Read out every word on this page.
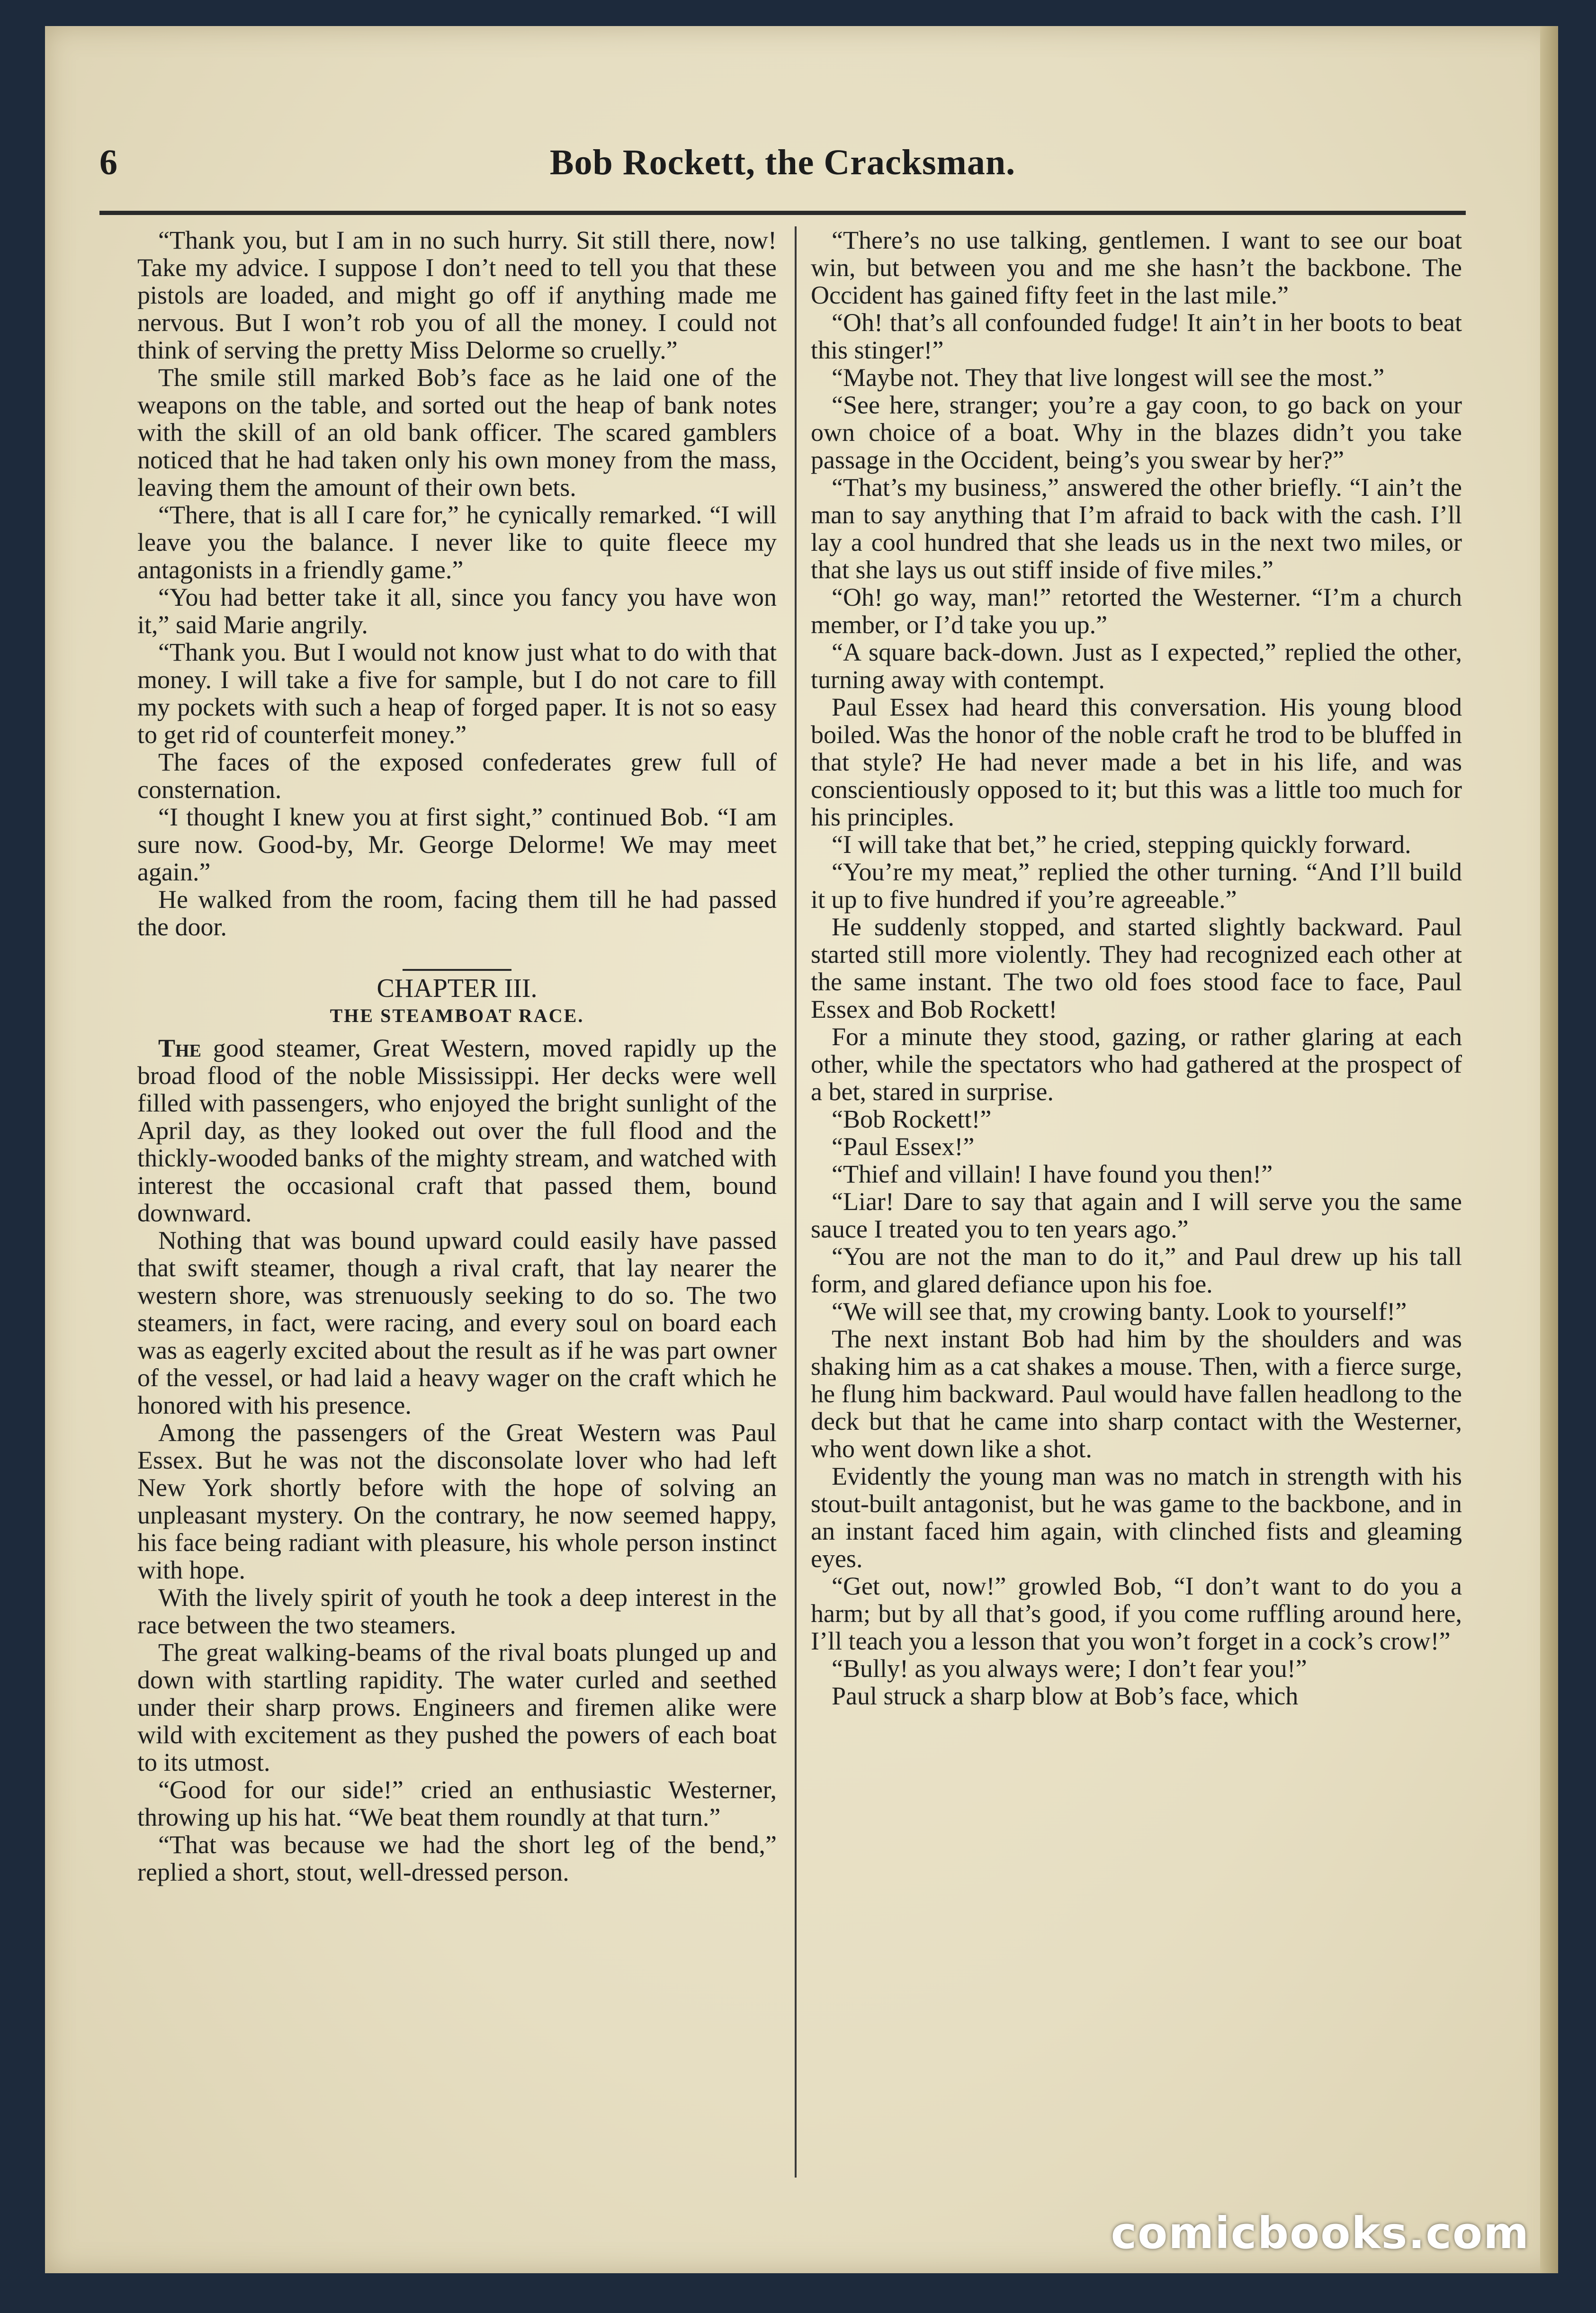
6	Bob Rockett, the Cracksman.

“Thank you, but I am in no such hurry. Sit still there, now! Take my advice. I suppose I don’t need to tell you that these pistols are loaded, and might go off if anything made me nervous. But I won’t rob you of all the money. I could not think of serving the pretty Miss Delorme so cruelly.”

The smile still marked Bob’s face as he laid one of the weapons on the table, and sorted out the heap of bank notes with the skill of an old bank officer. The scared gamblers noticed that he had taken only his own money from the mass, leaving them the amount of their own bets.

“There, that is all I care for,” he cynically remarked. “I will leave you the balance. I never like to quite fleece my antagonists in a friendly game.”

“You had better take it all, since you fancy you have won it,” said Marie angrily.

“Thank you. But I would not know just what to do with that money. I will take a five for sample, but I do not care to fill my pockets with such a heap of forged paper. It is not so easy to get rid of counterfeit money.”

The faces of the exposed confederates grew full of consternation.

“I thought I knew you at first sight,” continued Bob. “I am sure now. Good-by, Mr. George Delorme! We may meet again.”

He walked from the room, facing them till he had passed the door.

CHAPTER III.

THE STEAMBOAT RACE.

The good steamer, Great Western, moved rapidly up the broad flood of the noble Mississippi. Her decks were well filled with passengers, who enjoyed the bright sunlight of the April day, as they looked out over the full flood and the thickly-wooded banks of the mighty stream, and watched with interest the occasional craft that passed them, bound downward.

Nothing that was bound upward could easily have passed that swift steamer, though a rival craft, that lay nearer the western shore, was strenuously seeking to do so. The two steamers, in fact, were racing, and every soul on board each was as eagerly excited about the result as if he was part owner of the vessel, or had laid a heavy wager on the craft which he honored with his presence.

Among the passengers of the Great Western was Paul Essex. But he was not the disconsolate lover who had left New York shortly before with the hope of solving an unpleasant mystery. On the contrary, he now seemed happy, his face being radiant with pleasure, his whole person instinct with hope.

With the lively spirit of youth he took a deep interest in the race between the two steamers.

The great walking-beams of the rival boats plunged up and down with startling rapidity. The water curled and seethed under their sharp prows. Engineers and firemen alike were wild with excitement as they pushed the powers of each boat to its utmost.

“Good for our side!” cried an enthusiastic Westerner, throwing up his hat. “We beat them roundly at that turn.”

“That was because we had the short leg of the bend,” replied a short, stout, well-dressed person.

“There’s no use talking, gentlemen. I want to see our boat win, but between you and me she hasn’t the backbone. The Occident has gained fifty feet in the last mile.”

“Oh! that’s all confounded fudge! It ain’t in her boots to beat this stinger!”

“Maybe not. They that live longest will see the most.”

“See here, stranger; you’re a gay coon, to go back on your own choice of a boat. Why in the blazes didn’t you take passage in the Occident, being’s you swear by her?”

“That’s my business,” answered the other briefly. “I ain’t the man to say anything that I’m afraid to back with the cash. I’ll lay a cool hundred that she leads us in the next two miles, or that she lays us out stiff inside of five miles.”

“Oh! go way, man!” retorted the Westerner. “I’m a church member, or I’d take you up.”

“A square back-down. Just as I expected,” replied the other, turning away with contempt.

Paul Essex had heard this conversation. His young blood boiled. Was the honor of the noble craft he trod to be bluffed in that style? He had never made a bet in his life, and was conscientiously opposed to it; but this was a little too much for his principles.

“I will take that bet,” he cried, stepping quickly forward.

“You’re my meat,” replied the other turning. “And I’ll build it up to five hundred if you’re agreeable.”

He suddenly stopped, and started slightly backward. Paul started still more violently. They had recognized each other at the same instant. The two old foes stood face to face, Paul Essex and Bob Rockett!

For a minute they stood, gazing, or rather glaring at each other, while the spectators who had gathered at the prospect of a bet, stared in surprise.

“Bob Rockett!”

“Paul Essex!”

“Thief and villain! I have found you then!”

“Liar! Dare to say that again and I will serve you the same sauce I treated you to ten years ago.”

“You are not the man to do it,” and Paul drew up his tall form, and glared defiance upon his foe.

“We will see that, my crowing banty. Look to yourself!”

The next instant Bob had him by the shoulders and was shaking him as a cat shakes a mouse. Then, with a fierce surge, he flung him backward. Paul would have fallen headlong to the deck but that he came into sharp contact with the Westerner, who went down like a shot.

Evidently the young man was no match in strength with his stout-built antagonist, but he was game to the backbone, and in an instant faced him again, with clinched fists and gleaming eyes.

“Get out, now!” growled Bob, “I don’t want to do you a harm; but by all that’s good, if you come ruffling around here, I’ll teach you a lesson that you won’t forget in a cock’s crow!”

“Bully! as you always were; I don’t fear you!”

Paul struck a sharp blow at Bob’s face, which

comicbooks.com
